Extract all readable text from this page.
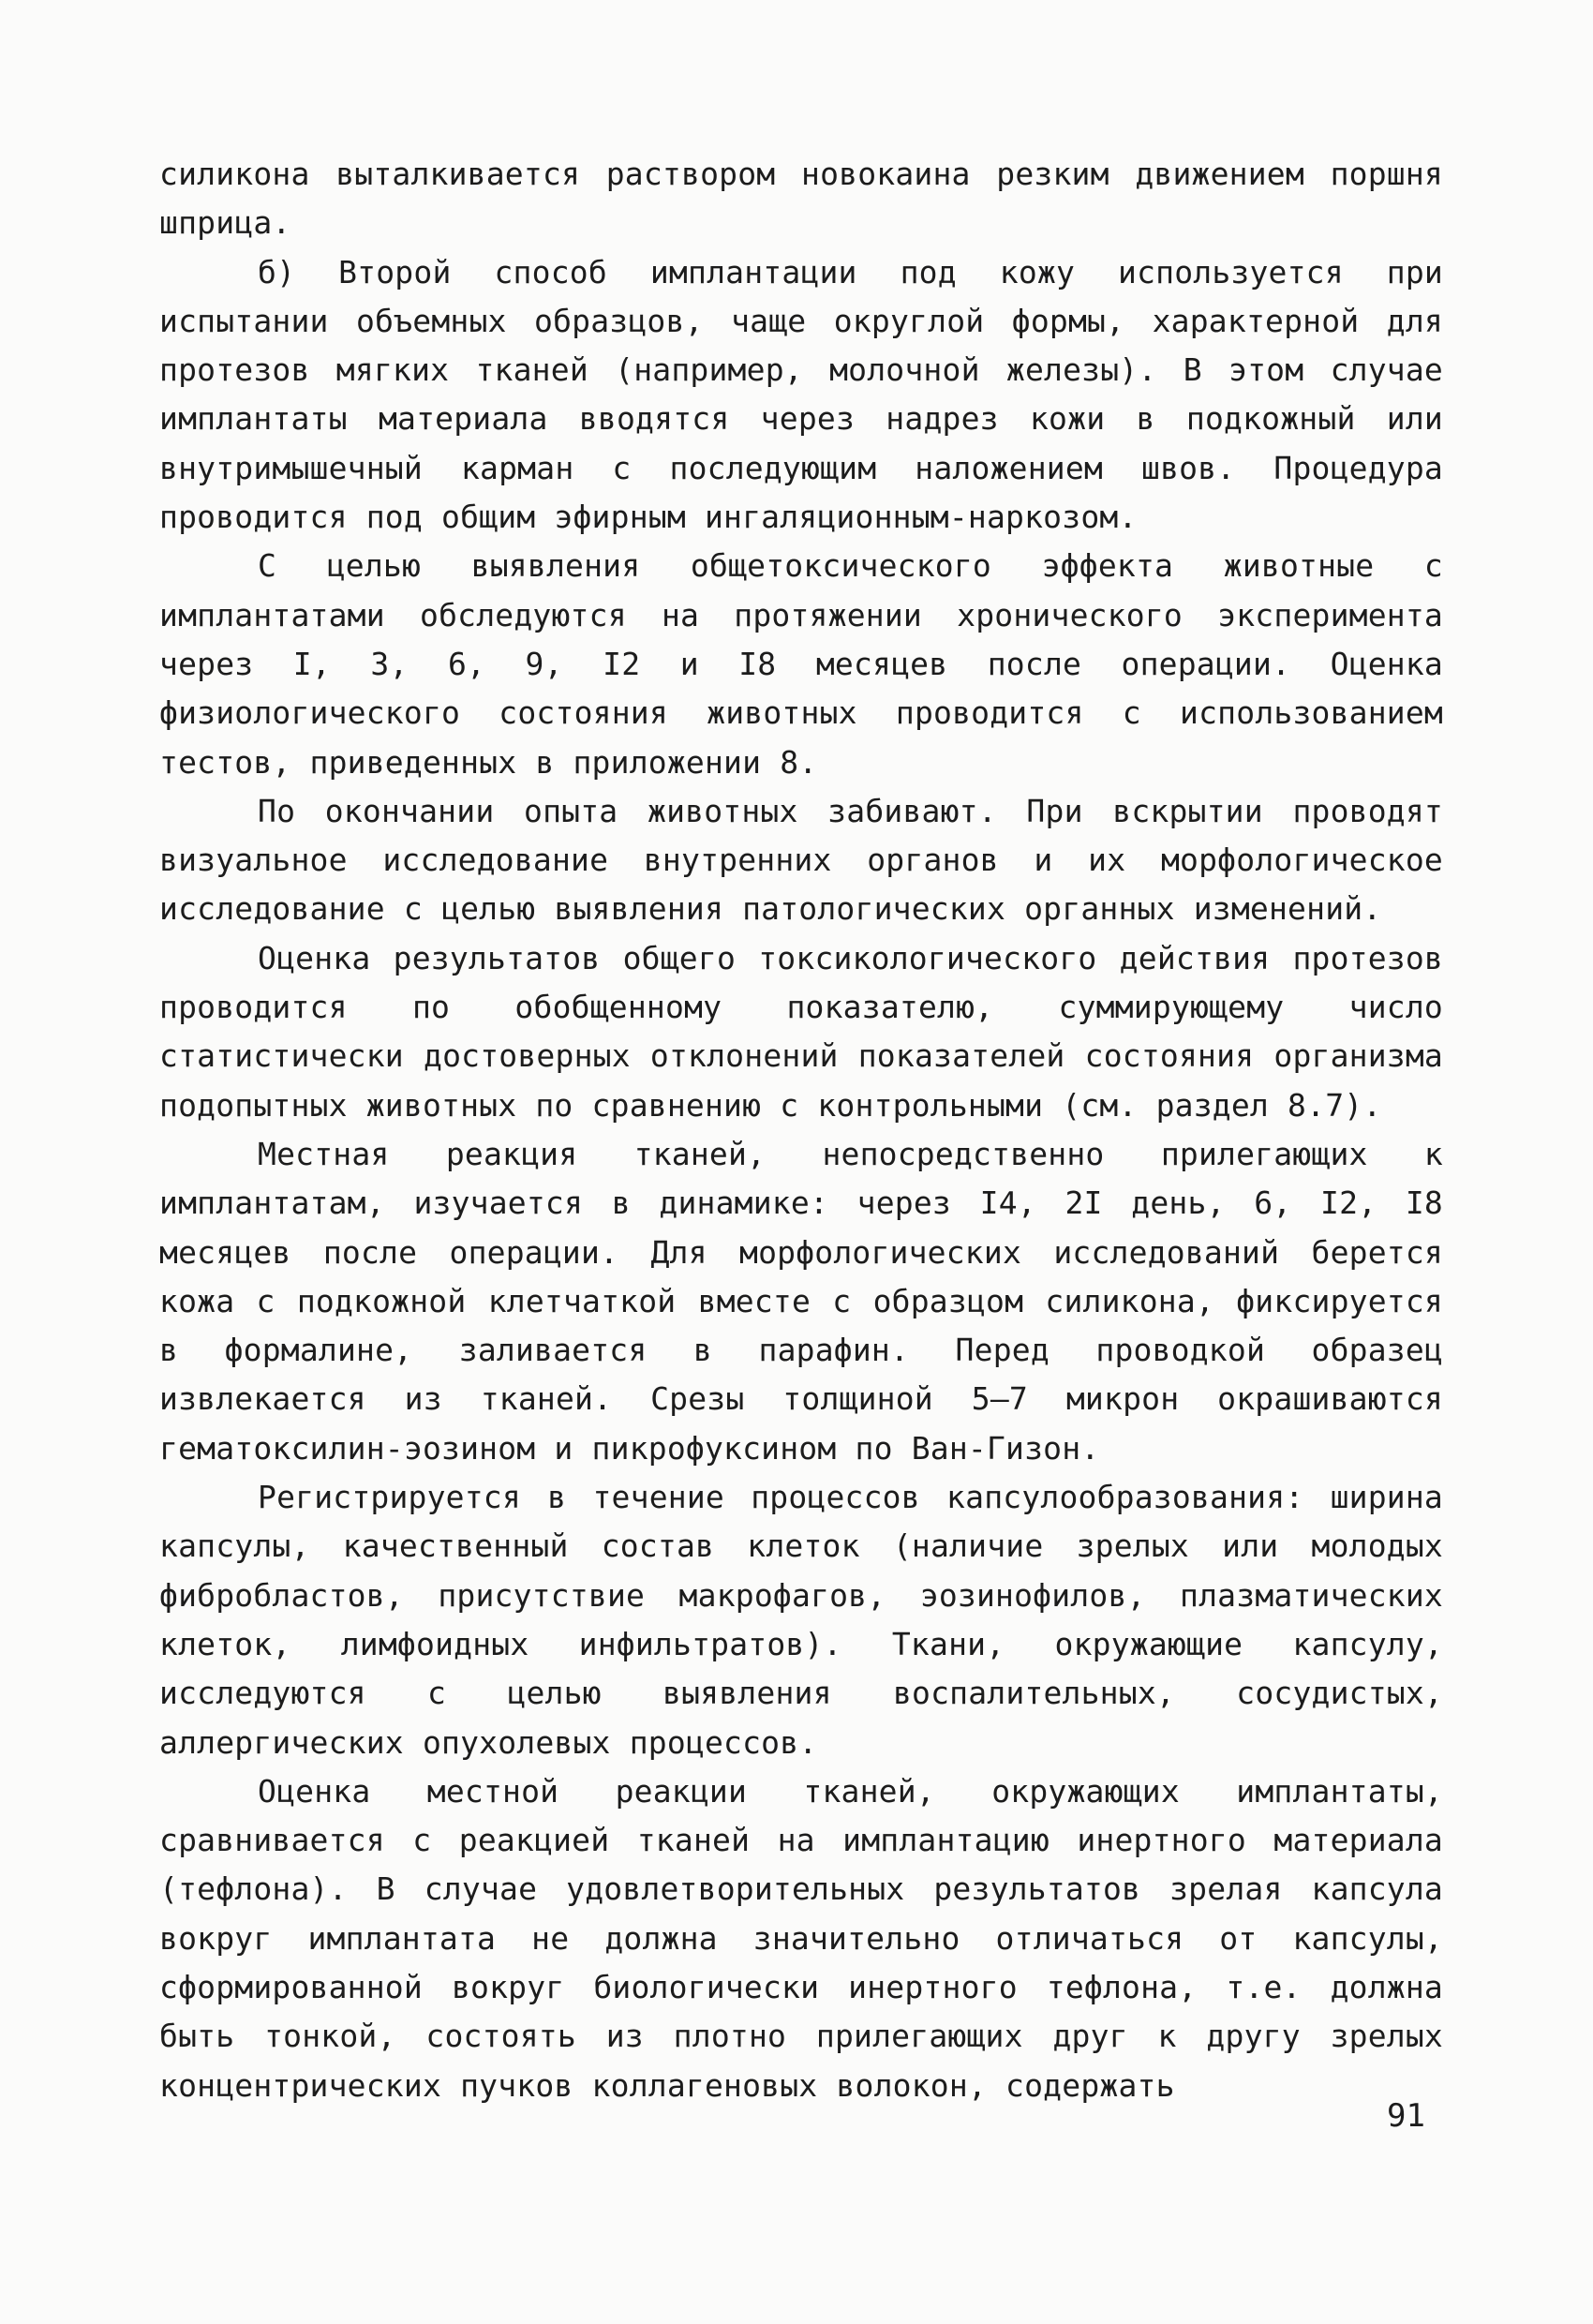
силикона выталкивается раствором новокаина резким движением поршня шприца.

б) Второй способ имплантации под кожу используется при испытании объемных образцов, чаще округлой формы, характерной для протезов мягких тканей (например, молочной железы). В этом случае имплантаты материала вводятся через надрез кожи в подкожный или внутримышечный карман с последующим наложением швов. Процедура проводится под общим эфирным ингаляционным-наркозом.

С целью выявления общетоксического эффекта животные с имплантатами обследуются на протяжении хронического эксперимента через I, 3, 6, 9, I2 и I8 месяцев после операции. Оценка физиологического состояния животных проводится с использованием тестов, приведенных в приложении 8.

По окончании опыта животных забивают. При вскрытии проводят визуальное исследование внутренних органов и их морфологическое исследование с целью выявления патологических органных изменений.

Оценка результатов общего токсикологического действия протезов проводится по обобщенному показателю, суммирующему число статистически достоверных отклонений показателей состояния организма подопытных животных по сравнению с контрольными (см. раздел 8.7).

Местная реакция тканей, непосредственно прилегающих к имплантатам, изучается в динамике: через I4, 2I день, 6, I2, I8 месяцев после операции. Для морфологических исследований берется кожа с подкожной клетчаткой вместе с образцом силикона, фиксируется в формалине, заливается в парафин. Перед проводкой образец извлекается из тканей. Срезы толщиной 5–7 микрон окрашиваются гематоксилин-эозином и пикрофуксином по Ван-Гизон.

Регистрируется в течение процессов капсулообразования: ширина капсулы, качественный состав клеток (наличие зрелых или молодых фибробластов, присутствие макрофагов, эозинофилов, плазматических клеток, лимфоидных инфильтратов). Ткани, окружающие капсулу, исследуются с целью выявления воспалительных, сосудистых, аллергических опухолевых процессов.

Оценка местной реакции тканей, окружающих имплантаты, сравнивается с реакцией тканей на имплантацию инертного материала (тефлона). В случае удовлетворительных результатов зрелая капсула вокруг имплантата не должна значительно отличаться от капсулы, сформированной вокруг биологически инертного тефлона, т.е. должна быть тонкой, состоять из плотно прилегающих друг к другу зрелых концентрических пучков коллагеновых волокон, содержать

91
